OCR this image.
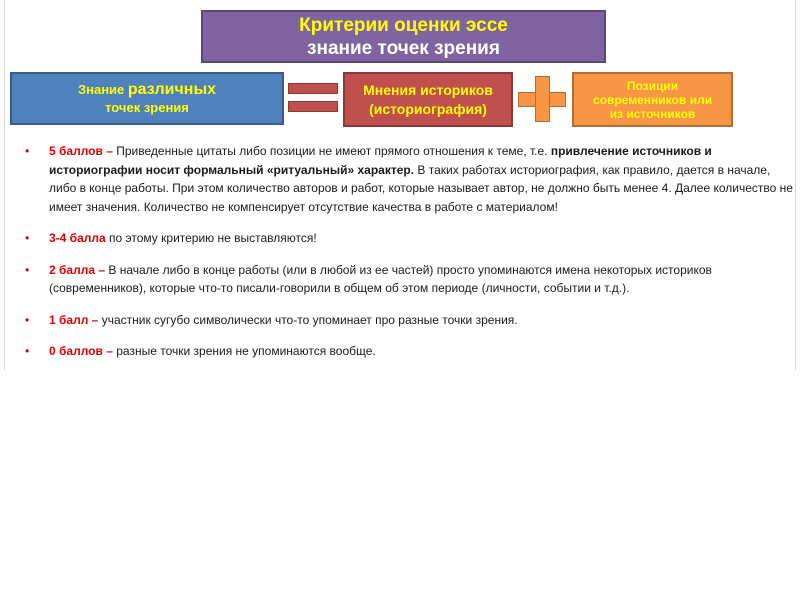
Критерии оценки эссе
знание точек зрения
Знание различных
точек зрения
Мнения историков
(историография)
Позиции
современников или
из источников
• 5 баллов – Приведенные цитаты либо позиции не имеют прямого отношения к теме, т.е. привлечение источников и историографии носит формальный «ритуальный» характер. В таких работах историография, как правило, дается в начале, либо в конце работы. При этом количество авторов и работ, которые называет автор, не должно быть менее 4. Далее количество не имеет значения. Количество не компенсирует отсутствие качества в работе с материалом!
• 3-4 балла по этому критерию не выставляются!
• 2 балла – В начале либо в конце работы (или в любой из ее частей) просто упоминаются имена некоторых историков (современников), которые что-то писали-говорили в общем об этом периоде (личности, событии и т.д.).
• 1 балл – участник сугубо символически что-то упоминает про разные точки зрения.
• 0 баллов – разные точки зрения не упоминаются вообще.
